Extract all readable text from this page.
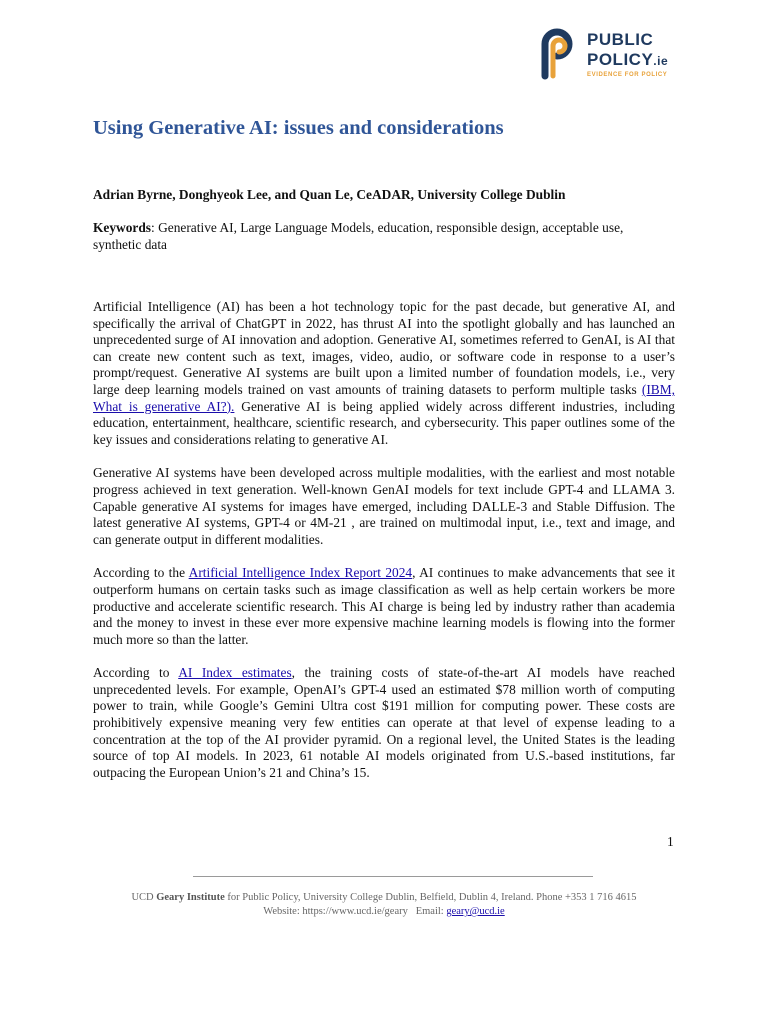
PUBLIC
POLICY.ie
EVIDENCE FOR POLICY
Using Generative AI: issues and considerations
Adrian Byrne, Donghyeok Lee, and Quan Le, CeADAR, University College Dublin
Keywords: Generative AI, Large Language Models, education, responsible design, acceptable use, synthetic data

Artificial Intelligence (AI) has been a hot technology topic for the past decade, but generative AI, and specifically the arrival of ChatGPT in 2022, has thrust AI into the spotlight globally and has launched an unprecedented surge of AI innovation and adoption. Generative AI, sometimes referred to GenAI, is AI that can create new content such as text, images, video, audio, or software code in response to a user’s prompt/request. Generative AI systems are built upon a limited number of foundation models, i.e., very large deep learning models trained on vast amounts of training datasets to perform multiple tasks (IBM, What is generative AI?). Generative AI is being applied widely across different industries, including education, entertainment, healthcare, scientific research, and cybersecurity. This paper outlines some of the key issues and considerations relating to generative AI.

Generative AI systems have been developed across multiple modalities, with the earliest and most notable progress achieved in text generation. Well-known GenAI models for text include GPT-4 and LLAMA 3. Capable generative AI systems for images have emerged, including DALLE-3 and Stable Diffusion. The latest generative AI systems, GPT-4 or 4M-21 , are trained on multimodal input, i.e., text and image, and can generate output in different modalities.

According to the Artificial Intelligence Index Report 2024, AI continues to make advancements that see it outperform humans on certain tasks such as image classification as well as help certain workers be more productive and accelerate scientific research. This AI charge is being led by industry rather than academia and the money to invest in these ever more expensive machine learning models is flowing into the former much more so than the latter.

According to AI Index estimates, the training costs of state-of-the-art AI models have reached unprecedented levels. For example, OpenAI’s GPT-4 used an estimated $78 million worth of computing power to train, while Google’s Gemini Ultra cost $191 million for computing power. These costs are prohibitively expensive meaning very few entities can operate at that level of expense leading to a concentration at the top of the AI provider pyramid. On a regional level, the United States is the leading source of top AI models. In 2023, 61 notable AI models originated from U.S.-based institutions, far outpacing the European Union’s 21 and China’s 15.

1
UCD Geary Institute for Public Policy, University College Dublin, Belfield, Dublin 4, Ireland. Phone +353 1 716 4615
Website: https://www.ucd.ie/geary   Email: geary@ucd.ie
